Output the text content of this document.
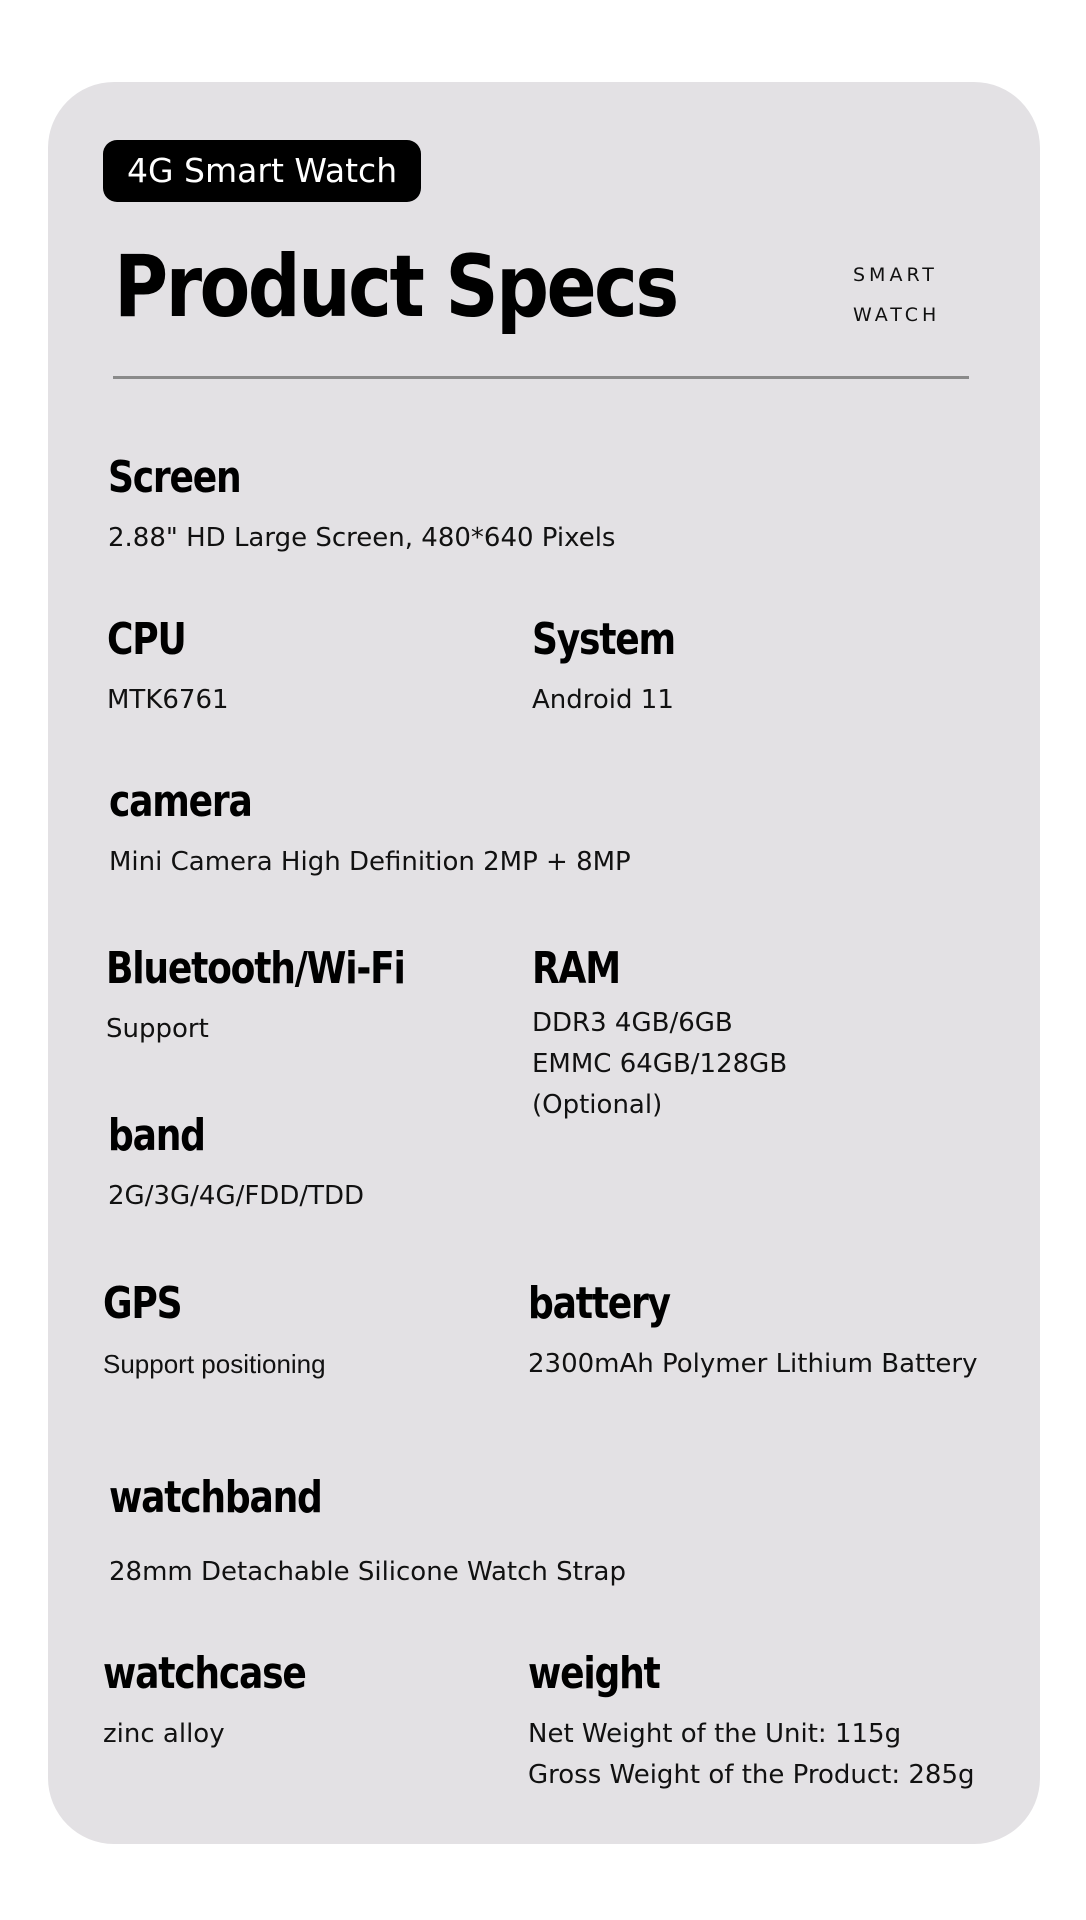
4G Smart Watch
Product Specs	SMART
WATCH
Screen
2.88" HD Large Screen, 480*640 Pixels
CPU
MTK6761
System
Android 11
camera
Mini Camera High Definition 2MP + 8MP
Bluetooth/Wi-Fi
Support
RAM
DDR3 4GB/6GB
EMMC 64GB/128GB
(Optional)
band
2G/3G/4G/FDD/TDD
GPS
Support positioning
battery
2300mAh Polymer Lithium Battery
watchband
28mm Detachable Silicone Watch Strap
watchcase
zinc alloy
weight
Net Weight of the Unit: 115g
Gross Weight of the Product: 285g
